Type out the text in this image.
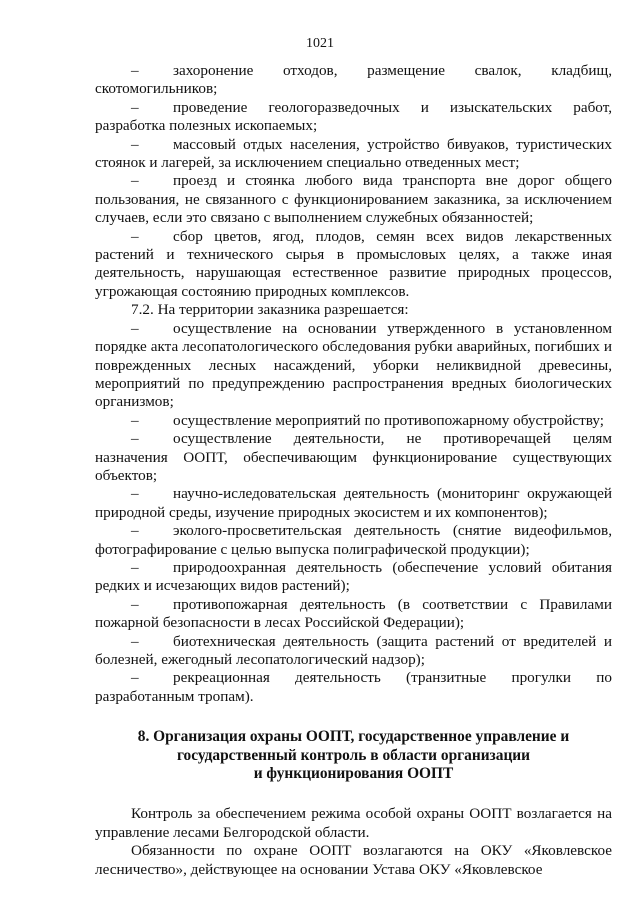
1021

– захоронение отходов, размещение свалок, кладбищ, скотомогильников;

– проведение геологоразведочных и изыскательских работ, разработка полезных ископаемых;

– массовый отдых населения, устройство бивуаков, туристических стоянок и лагерей, за исключением специально отведенных мест;

– проезд и стоянка любого вида транспорта вне дорог общего пользования, не связанного с функционированием заказника, за исключением случаев, если это связано с выполнением служебных обязанностей;

– сбор цветов, ягод, плодов, семян всех видов лекарственных растений и технического сырья в промысловых целях, а также иная деятельность, нарушающая естественное развитие природных процессов, угрожающая состоянию природных комплексов.

7.2. На территории заказника разрешается:

– осуществление на основании утвержденного в установленном порядке акта лесопатологического обследования рубки аварийных, погибших и поврежденных лесных насаждений, уборки неликвидной древесины, мероприятий по предупреждению распространения вредных биологических организмов;

– осуществление мероприятий по противопожарному обустройству;

– осуществление деятельности, не противоречащей целям назначения ООПТ, обеспечивающим функционирование существующих объектов;

– научно-иследовательская деятельность (мониторинг окружающей природной среды, изучение природных экосистем и их компонентов);

– эколого-просветительская деятельность (снятие видеофильмов, фотографирование с целью выпуска полиграфической продукции);

– природоохранная деятельность (обеспечение условий обитания редких и исчезающих видов растений);

– противопожарная деятельность (в соответствии с Правилами пожарной безопасности в лесах Российской Федерации);

– биотехническая деятельность (защита растений от вредителей и болезней, ежегодный лесопатологический надзор);

– рекреационная деятельность (транзитные прогулки по разработанным тропам).

8. Организация охраны ООПТ, государственное управление и
государственный контроль в области организации
и функционирования ООПТ

Контроль за обеспечением режима особой охраны ООПТ возлагается на управление лесами Белгородской области.

Обязанности по охране ООПТ возлагаются на ОКУ «Яковлевское лесничество», действующее на основании Устава ОКУ «Яковлевское
